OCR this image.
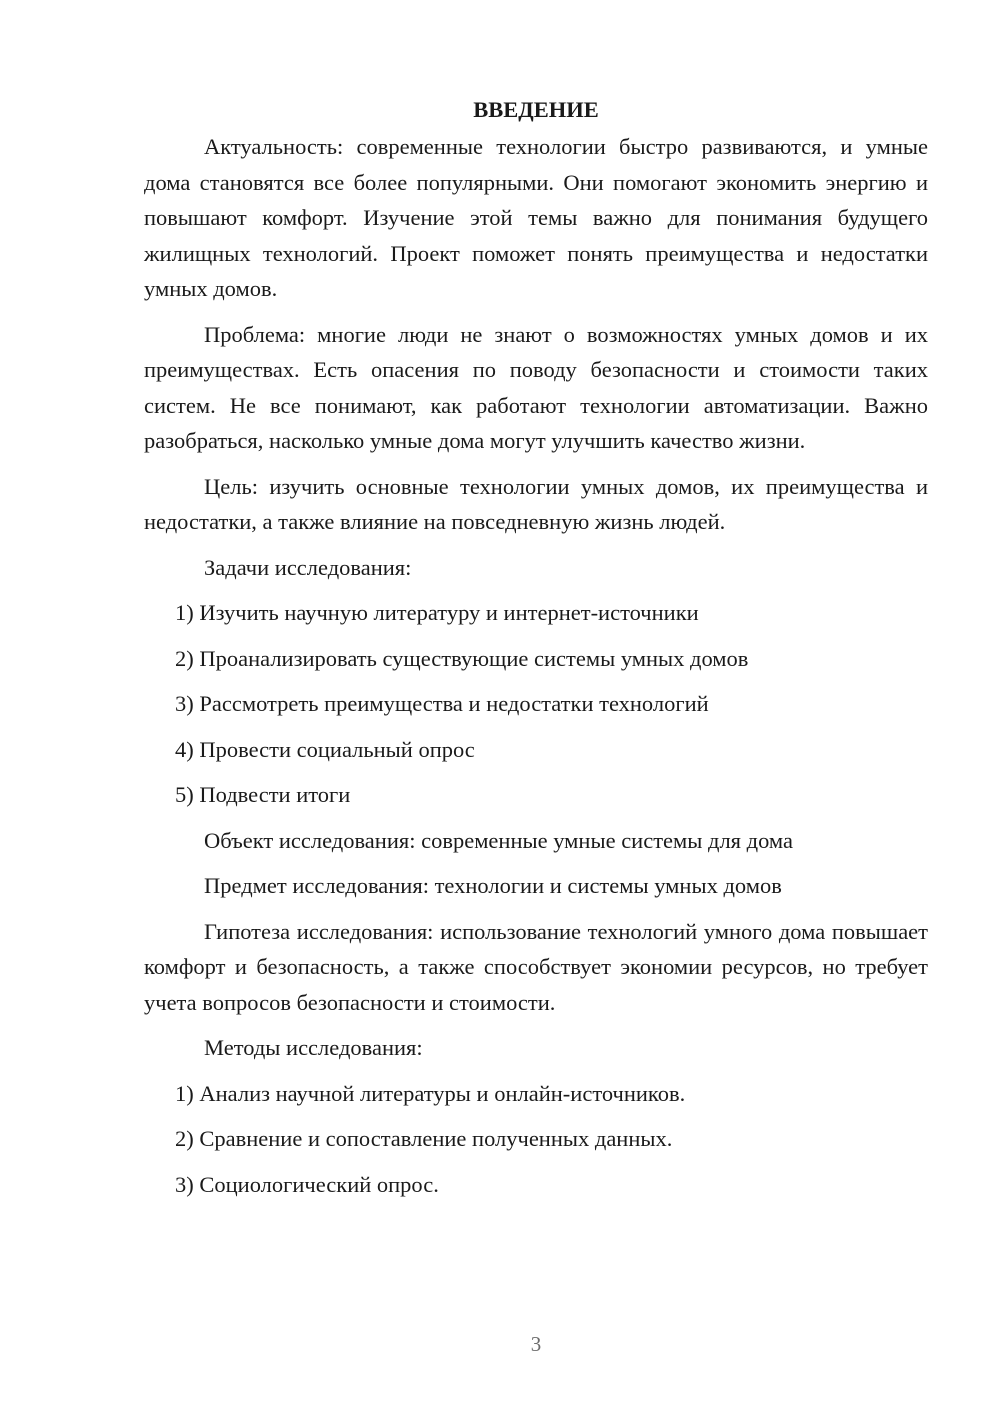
ВВЕДЕНИЕ

Актуальность: современные технологии быстро развиваются, и умные дома становятся все более популярными. Они помогают экономить энергию и повышают комфорт. Изучение этой темы важно для понимания будущего жилищных технологий. Проект поможет понять преимущества и недостатки умных домов.

Проблема: многие люди не знают о возможностях умных домов и их преимуществах. Есть опасения по поводу безопасности и стоимости таких систем. Не все понимают, как работают технологии автоматизации. Важно разобраться, насколько умные дома могут улучшить качество жизни.

Цель: изучить основные технологии умных домов, их преимущества и недостатки, а также влияние на повседневную жизнь людей.

Задачи исследования:

1) Изучить научную литературу и интернет-источники

2) Проанализировать существующие системы умных домов

3) Рассмотреть преимущества и недостатки технологий

4) Провести социальный опрос

5) Подвести итоги

Объект исследования: современные умные системы для дома

Предмет исследования: технологии и системы умных домов

Гипотеза исследования: использование технологий умного дома повышает комфорт и безопасность, а также способствует экономии ресурсов, но требует учета вопросов безопасности и стоимости.

Методы исследования:

1) Анализ научной литературы и онлайн-источников.

2) Сравнение и сопоставление полученных данных.

3) Социологический опрос.

3
